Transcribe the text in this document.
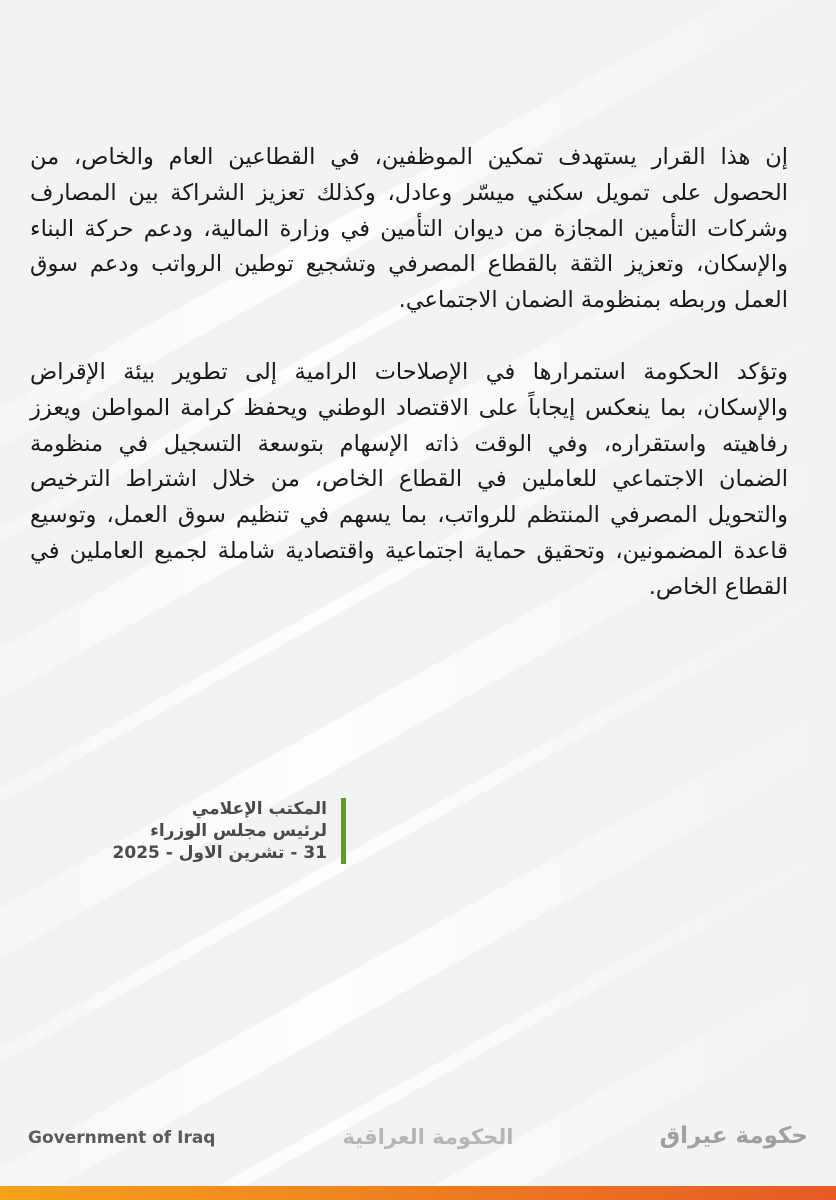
إن هذا القرار يستهدف تمكين الموظفين، في القطاعين العام والخاص، من الحصول على تمويل سكني ميسّر وعادل، وكذلك تعزيز الشراكة بين المصارف وشركات التأمين المجازة من ديوان التأمين في وزارة المالية، ودعم حركة البناء والإسكان، وتعزيز الثقة بالقطاع المصرفي وتشجيع توطين الرواتب ودعم سوق العمل وربطه بمنظومة الضمان الاجتماعي.

وتؤكد الحكومة استمرارها في الإصلاحات الرامية إلى تطوير بيئة الإقراض والإسكان، بما ينعكس إيجاباً على الاقتصاد الوطني ويحفظ كرامة المواطن ويعزز رفاهيته واستقراره، وفي الوقت ذاته الإسهام بتوسعة التسجيل في منظومة الضمان الاجتماعي للعاملين في القطاع الخاص، من خلال اشتراط الترخيص والتحويل المصرفي المنتظم للرواتب، بما يسهم في تنظيم سوق العمل، وتوسيع قاعدة المضمونين، وتحقيق حماية اجتماعية واقتصادية شاملة لجميع العاملين في القطاع الخاص.

المكتب الإعلامي
لرئيس مجلس الوزراء
31 - تشرين الاول - 2025
Government of Iraq	الحكومة العراقية	حكومة عيراق
